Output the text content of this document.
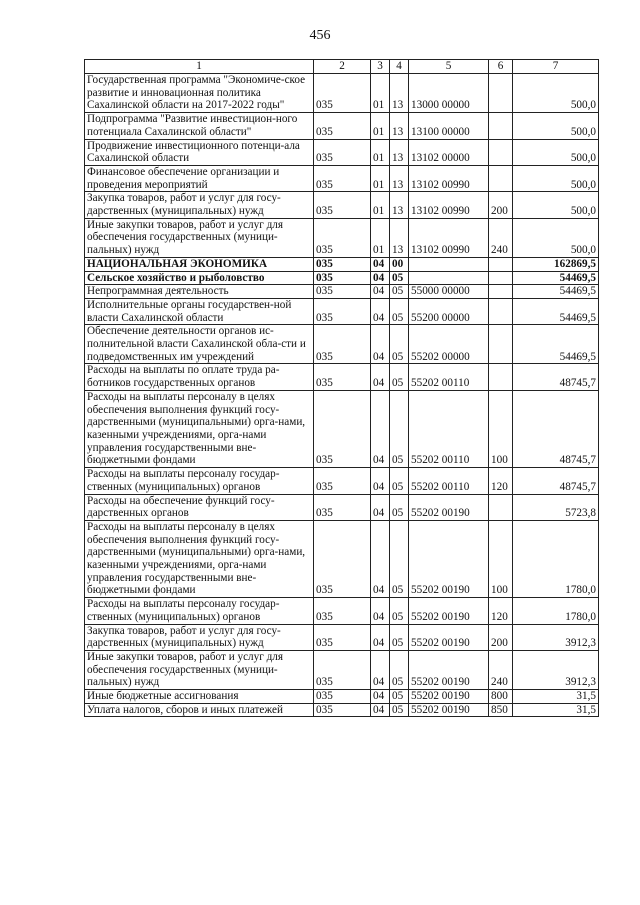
456
1	2	3	4	5	6	7
Государственная программа "Экономиче-ское развитие и инновационная политика Сахалинской области на 2017-2022 годы"	035	01	13	13000 00000		500,0
Подпрограмма "Развитие инвестицион-ного потенциала Сахалинской области"	035	01	13	13100 00000		500,0
Продвижение инвестиционного потенци-ала Сахалинской области	035	01	13	13102 00000		500,0
Финансовое обеспечение организации и проведения мероприятий	035	01	13	13102 00990		500,0
Закупка товаров, работ и услуг для госу-дарственных (муниципальных) нужд	035	01	13	13102 00990	200	500,0
Иные закупки товаров, работ и услуг для обеспечения государственных (муници-пальных) нужд	035	01	13	13102 00990	240	500,0
НАЦИОНАЛЬНАЯ ЭКОНОМИКА	035	04	00			162869,5
Сельское хозяйство и рыболовство	035	04	05			54469,5
Непрограммная деятельность	035	04	05	55000 00000		54469,5
Исполнительные органы государствен-ной власти Сахалинской области	035	04	05	55200 00000		54469,5
Обеспечение деятельности органов ис-полнительной власти Сахалинской обла-сти и подведомственных им учреждений	035	04	05	55202 00000		54469,5
Расходы на выплаты по оплате труда ра-ботников государственных органов	035	04	05	55202 00110		48745,7
Расходы на выплаты персоналу в целях обеспечения выполнения функций госу-дарственными (муниципальными) орга-нами, казенными учреждениями, орга-нами управления государственными вне-бюджетными фондами	035	04	05	55202 00110	100	48745,7
Расходы на выплаты персоналу государ-ственных (муниципальных) органов	035	04	05	55202 00110	120	48745,7
Расходы на обеспечение функций госу-дарственных органов	035	04	05	55202 00190		5723,8
Расходы на выплаты персоналу в целях обеспечения выполнения функций госу-дарственными (муниципальными) орга-нами, казенными учреждениями, орга-нами управления государственными вне-бюджетными фондами	035	04	05	55202 00190	100	1780,0
Расходы на выплаты персоналу государ-ственных (муниципальных) органов	035	04	05	55202 00190	120	1780,0
Закупка товаров, работ и услуг для госу-дарственных (муниципальных) нужд	035	04	05	55202 00190	200	3912,3
Иные закупки товаров, работ и услуг для обеспечения государственных (муници-пальных) нужд	035	04	05	55202 00190	240	3912,3
Иные бюджетные ассигнования	035	04	05	55202 00190	800	31,5
Уплата налогов, сборов и иных платежей	035	04	05	55202 00190	850	31,5
